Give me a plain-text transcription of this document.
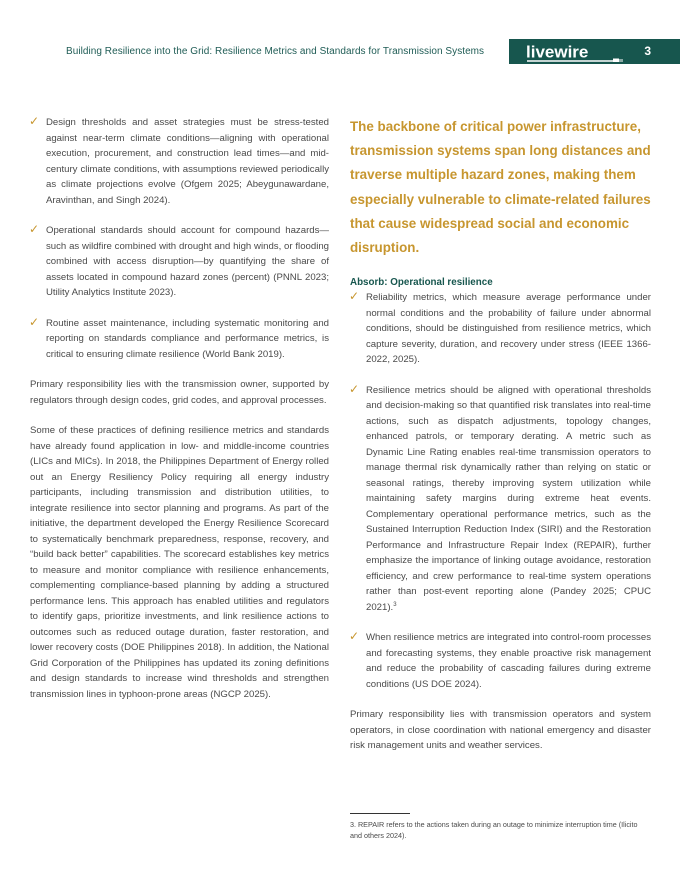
Building Resilience into the Grid: Resilience Metrics and Standards for Transmission Systems livewire	3
✓ Design thresholds and asset strategies must be stress-tested against near-term climate conditions—aligning with operational execution, procurement, and construction lead times—and mid-century climate conditions, with assumptions reviewed periodically as climate projections evolve (Ofgem 2025; Abeygunawardane, Aravinthan, and Singh 2024).
✓ Operational standards should account for compound hazards—such as wildfire combined with drought and high winds, or flooding combined with access disruption—by quantifying the share of assets located in compound hazard zones (percent) (PNNL 2023; Utility Analytics Institute 2023).
✓ Routine asset maintenance, including systematic monitoring and reporting on standards compliance and performance metrics, is critical to ensuring climate resilience (World Bank 2019).

Primary responsibility lies with the transmission owner, supported by regulators through design codes, grid codes, and approval processes.

Some of these practices of defining resilience metrics and standards have already found application in low- and middle-income countries (LICs and MICs). In 2018, the Philippines Department of Energy rolled out an Energy Resiliency Policy requiring all energy industry participants, including transmission and distribution utilities, to integrate resilience into sector planning and programs. As part of the initiative, the department developed the Energy Resilience Scorecard to systematically benchmark preparedness, response, recovery, and “build back better” capabilities. The scorecard establishes key metrics to measure and monitor compliance with resilience enhancements, complementing compliance-based planning by adding a structured performance lens. This approach has enabled utilities and regulators to identify gaps, prioritize investments, and link resilience actions to outcomes such as reduced outage duration, faster restoration, and lower recovery costs (DOE Philippines 2018). In addition, the National Grid Corporation of the Philippines has updated its zoning definitions and design standards to increase wind thresholds and strengthen transmission lines in typhoon-prone areas (NGCP 2025).

The backbone of critical power infrastructure, transmission systems span long distances and traverse multiple hazard zones, making them especially vulnerable to climate-related failures that cause widespread social and economic disruption.

Absorb: Operational resilience
✓ Reliability metrics, which measure average performance under normal conditions and the probability of failure under abnormal conditions, should be distinguished from resilience metrics, which capture severity, duration, and recovery under stress (IEEE 1366-2022, 2025).
✓ Resilience metrics should be aligned with operational thresholds and decision-making so that quantified risk translates into real-time actions, such as dispatch adjustments, topology changes, enhanced patrols, or temporary derating. A metric such as Dynamic Line Rating enables real-time transmission operators to manage thermal risk dynamically rather than relying on static or seasonal ratings, thereby improving system utilization while maintaining safety margins during extreme heat events. Complementary operational performance metrics, such as the Sustained Interruption Reduction Index (SIRI) and the Restoration Performance and Infrastructure Repair Index (REPAIR), further emphasize the importance of linking outage avoidance, restoration efficiency, and crew performance to real-time system operations rather than post-event reporting alone (Pandey 2025; CPUC 2021).$^3$
✓ When resilience metrics are integrated into control-room processes and forecasting systems, they enable proactive risk management and reduce the probability of cascading failures during extreme conditions (US DOE 2024).

Primary responsibility lies with transmission operators and system operators, in close coordination with national emergency and disaster risk management units and weather services.

3. REPAIR refers to the actions taken during an outage to minimize interruption time (Ilicito and others 2024).
